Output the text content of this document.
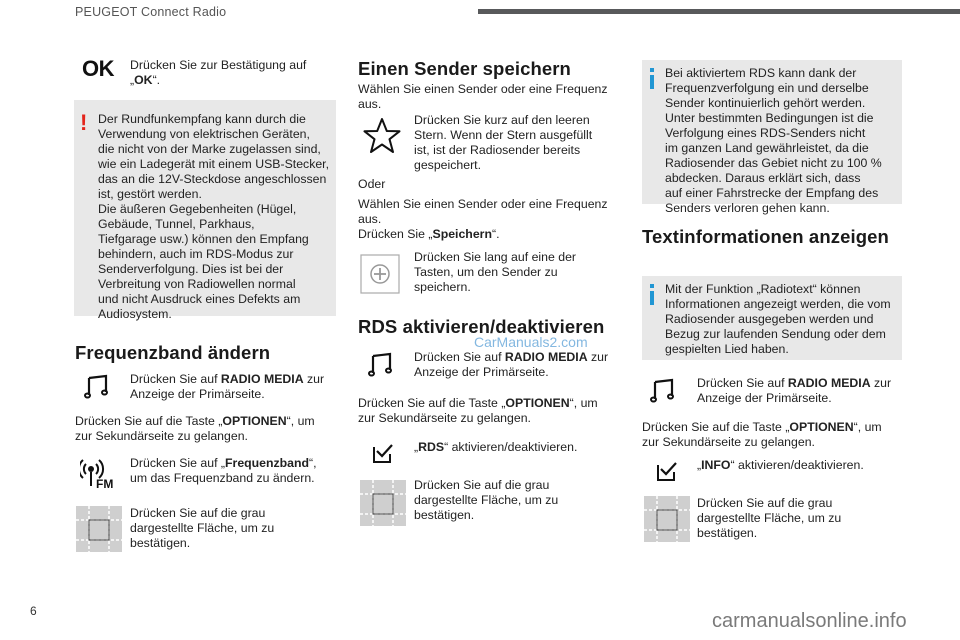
PEUGEOT Connect Radio
OK Drücken Sie zur Bestätigung auf
„OK“.
! Der Rundfunkempfang kann durch die
Verwendung von elektrischen Geräten,
die nicht von der Marke zugelassen sind,
wie ein Ladegerät mit einem USB-Stecker,
das an die 12V-Steckdose angeschlossen
ist, gestört werden.
Die äußeren Gegebenheiten (Hügel,
Gebäude, Tunnel, Parkhaus,
Tiefgarage usw.) können den Empfang
behindern, auch im RDS-Modus zur
Senderverfolgung. Dies ist bei der
Verbreitung von Radiowellen normal
und nicht Ausdruck eines Defekts am
Audiosystem.
Frequenzband ändern
Drücken Sie auf RADIO MEDIA zur
Anzeige der Primärseite.
Drücken Sie auf die Taste „OPTIONEN“, um
zur Sekundärseite zu gelangen.
FM
Drücken Sie auf „Frequenzband“,
um das Frequenzband zu ändern.
Drücken Sie auf die grau
dargestellte Fläche, um zu
bestätigen.
Einen Sender speichern
Wählen Sie einen Sender oder eine Frequenz
aus.
Drücken Sie kurz auf den leeren
Stern. Wenn der Stern ausgefüllt
ist, ist der Radiosender bereits
gespeichert.
Oder
Wählen Sie einen Sender oder eine Frequenz
aus.
Drücken Sie „Speichern“.
Drücken Sie lang auf eine der
Tasten, um den Sender zu
speichern.
RDS aktivieren/deaktivieren
CarManuals2.com
Drücken Sie auf RADIO MEDIA zur
Anzeige der Primärseite.
Drücken Sie auf die Taste „OPTIONEN“, um
zur Sekundärseite zu gelangen.
„RDS“ aktivieren/deaktivieren.
Drücken Sie auf die grau
dargestellte Fläche, um zu
bestätigen.
Bei aktiviertem RDS kann dank der
Frequenzverfolgung ein und derselbe
Sender kontinuierlich gehört werden.
Unter bestimmten Bedingungen ist die
Verfolgung eines RDS-Senders nicht
im ganzen Land gewährleistet, da die
Radiosender das Gebiet nicht zu 100 %
abdecken. Daraus erklärt sich, dass
auf einer Fahrstrecke der Empfang des
Senders verloren gehen kann.
Textinformationen anzeigen
Mit der Funktion „Radiotext“ können
Informationen angezeigt werden, die vom
Radiosender ausgegeben werden und
Bezug zur laufenden Sendung oder dem
gespielten Lied haben.
Drücken Sie auf RADIO MEDIA zur
Anzeige der Primärseite.
Drücken Sie auf die Taste „OPTIONEN“, um
zur Sekundärseite zu gelangen.
„INFO“ aktivieren/deaktivieren.
Drücken Sie auf die grau
dargestellte Fläche, um zu
bestätigen.
6	carmanualsonline.info
